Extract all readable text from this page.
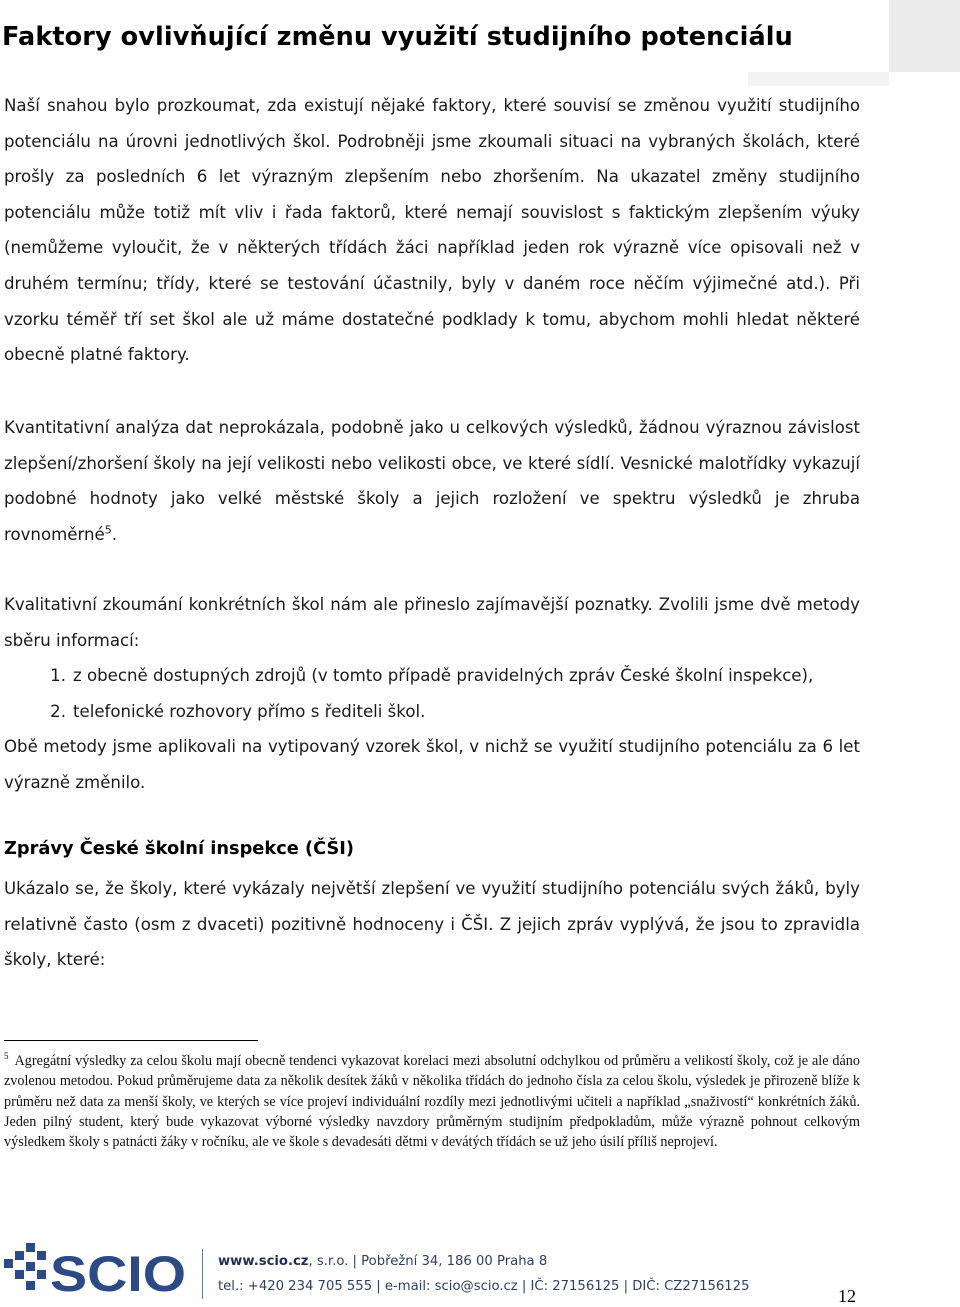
Faktory ovlivňující změnu využití studijního potenciálu

Naší snahou bylo prozkoumat, zda existují nějaké faktory, které souvisí se změnou využití studijního potenciálu na úrovni jednotlivých škol. Podrobněji jsme zkoumali situaci na vybraných školách, které prošly za posledních 6 let výrazným zlepšením nebo zhoršením. Na ukazatel změny studijního potenciálu může totiž mít vliv i řada faktorů, které nemají souvislost s faktickým zlepšením výuky (nemůžeme vyloučit, že v některých třídách žáci například jeden rok výrazně více opisovali než v druhém termínu; třídy, které se testování účastnily, byly v daném roce něčím výjimečné atd.). Při vzorku téměř tří set škol ale už máme dostatečné podklady k tomu, abychom mohli hledat některé obecně platné faktory.

Kvantitativní analýza dat neprokázala, podobně jako u celkových výsledků, žádnou výraznou závislost zlepšení/zhoršení školy na její velikosti nebo velikosti obce, ve které sídlí. Vesnické malotřídky vykazují podobné hodnoty jako velké městské školy a jejich rozložení ve spektru výsledků je zhruba rovnoměrné$^5$.

Kvalitativní zkoumání konkrétních škol nám ale přineslo zajímavější poznatky. Zvolili jsme dvě metody sběru informací:

1. z obecně dostupných zdrojů (v tomto případě pravidelných zpráv České školní inspekce),
2. telefonické rozhovory přímo s řediteli škol.

Obě metody jsme aplikovali na vytipovaný vzorek škol, v nichž se využití studijního potenciálu za 6 let výrazně změnilo.

Zprávy České školní inspekce (ČŠI)

Ukázalo se, že školy, které vykázaly největší zlepšení ve využití studijního potenciálu svých žáků, byly relativně často (osm z dvaceti) pozitivně hodnoceny i ČŠI. Z jejich zpráv vyplývá, že jsou to zpravidla školy, které:

$^5$ Agregátní výsledky za celou školu mají obecně tendenci vykazovat korelaci mezi absolutní odchylkou od průměru a velikostí školy, což je ale dáno zvolenou metodou. Pokud průměrujeme data za několik desítek žáků v několika třídách do jednoho čísla za celou školu, výsledek je přirozeně blíže k průměru než data za menší školy, ve kterých se více projeví individuální rozdíly mezi jednotlivými učiteli a například „snaživostí“ konkrétních žáků. Jeden pilný student, který bude vykazovat výborné výsledky navzdory průměrným studijním předpokladům, může výrazně pohnout celkovým výsledkem školy s patnácti žáky v ročníku, ale ve škole s devadesáti dětmi v devátých třídách se už jeho úsilí příliš neprojeví.

SCIO www.scio.cz, s.r.o. | Pobřežní 34, 186 00 Praha 8

tel.: +420 234 705 555 | e-mail: scio@scio.cz | IČ: 27156125 | DIČ: CZ27156125	12
